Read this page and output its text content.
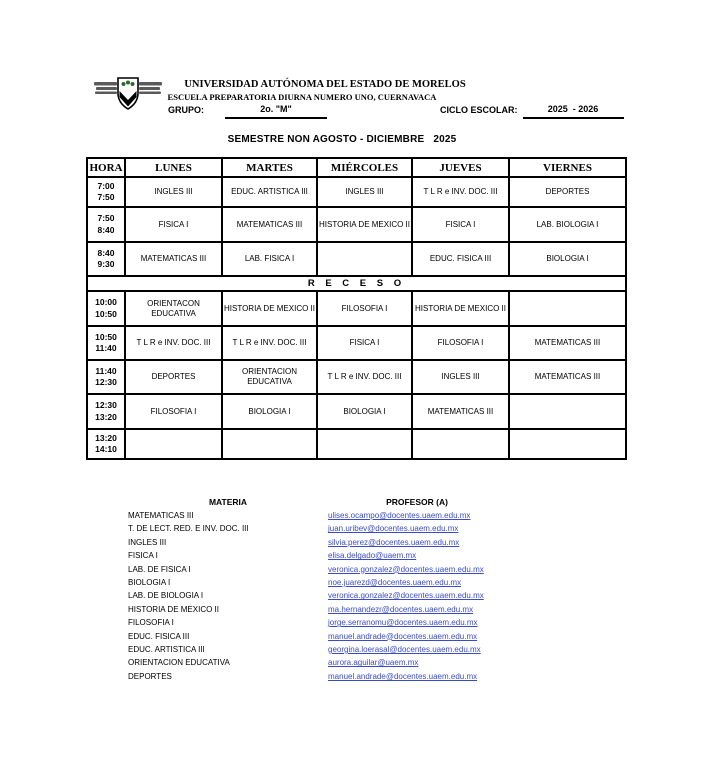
UNIVERSIDAD AUTÓNOMA DEL ESTADO DE MORELOS
ESCUELA PREPARATORIA DIURNA NUMERO UNO, CUERNAVACA
GRUPO:	2o. "M"	CICLO ESCOLAR:	2025  - 2026
SEMESTRE NON AGOSTO - DICIEMBRE   2025
HORA	LUNES	MARTES	MIÉRCOLES	JUEVES	VIERNES

7:00
7:50	INGLES III	EDUC. ARTISTICA III	INGLES III	T L R e INV. DOC. III	DEPORTES

7:50
8:40	FISICA I	MATEMATICAS III	HISTORIA DE MEXICO II	FISICA I	LAB. BIOLOGIA I

8:40
9:30	MATEMATICAS III	LAB. FISICA I		EDUC. FISICA III	BIOLOGIA I
R E C E S O					

10:00
10:50	ORIENTACON EDUCATIVA	HISTORIA DE MEXICO II	FILOSOFIA I	HISTORIA DE MEXICO II	

10:50
11:40	T L R e INV. DOC. III	T L R e INV. DOC. III	FISICA I	FILOSOFIA I	MATEMATICAS III

11:40
12:30	DEPORTES	ORIENTACION EDUCATIVA	T L R e INV. DOC. III	INGLES III	MATEMATICAS III

12:30
13:20	FILOSOFIA I	BIOLOGIA I	BIOLOGIA I	MATEMATICAS III	

13:20
14:10					

MATERIA	PROFESOR (A)
MATEMATICAS III	ulises.ocampo@docentes.uaem.edu.mx
T. DE LECT. RED. E INV. DOC. III	juan.uribev@docentes.uaem.edu.mx
INGLES III	silvia.perez@docentes.uaem.edu.mx
FISICA I	elisa.delgado@uaem.mx
LAB. DE FISICA I	veronica.gonzalez@docentes.uaem.edu.mx
BIOLOGIA I	noe.juarezd@docentes.uaem.edu.mx
LAB. DE BIOLOGIA I	veronica.gonzalez@docentes.uaem.edu.mx
HISTORIA DE MEXICO II	ma.hernandezr@docentes.uaem.edu.mx
FILOSOFIA I	jorge.serranomu@docentes.uaem.edu.mx
EDUC. FISICA III	manuel.andrade@docentes.uaem.edu.mx
EDUC. ARTISTICA III	georgina.loerasal@docentes.uaem.edu.mx
ORIENTACION EDUCATIVA	aurora.aguilar@uaem.mx
DEPORTES	manuel.andrade@docentes.uaem.edu.mx
